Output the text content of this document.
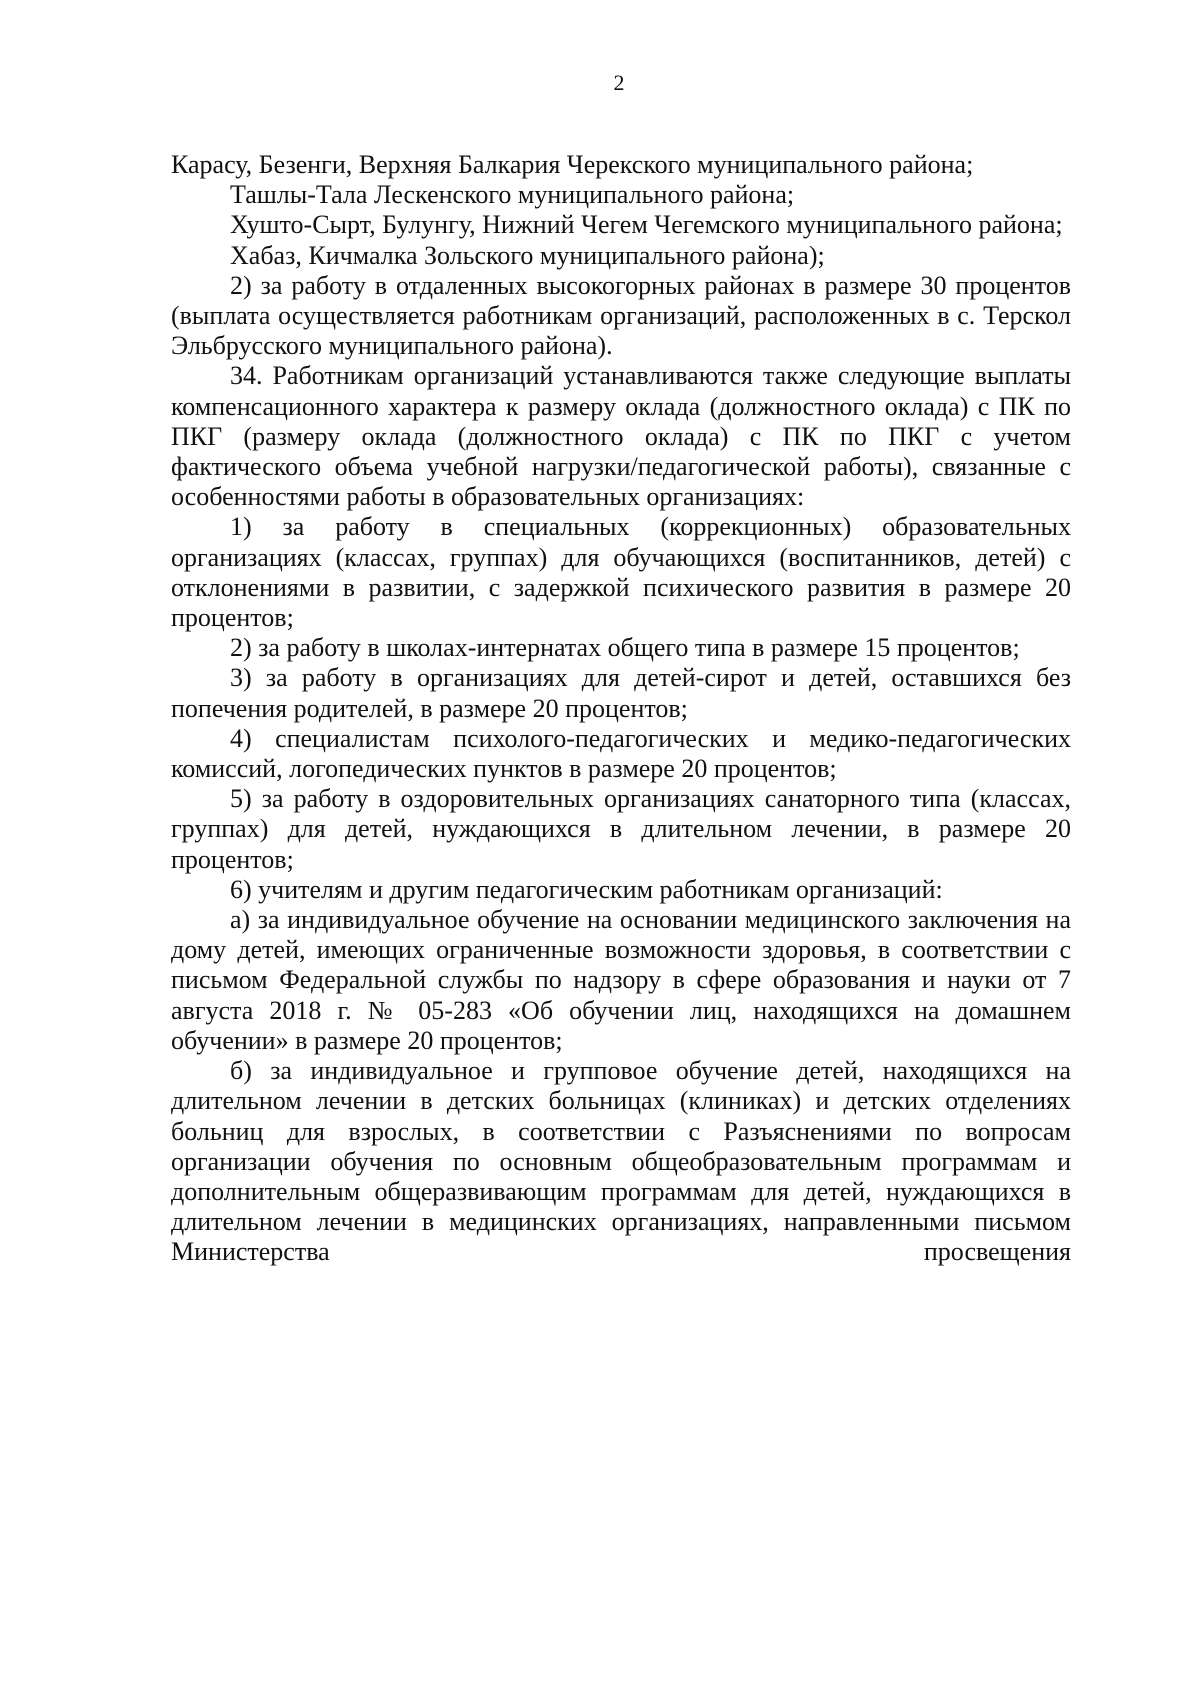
2

Карасу, Безенги, Верхняя Балкария Черекского муниципального района;

Ташлы-Тала Лескенского муниципального района;

Хушто-Сырт, Булунгу, Нижний Чегем Чегемского муниципального района;

Хабаз, Кичмалка Зольского муниципального района);

2) за работу в отдаленных высокогорных районах в размере 30 процентов (выплата осуществляется работникам организаций, расположенных в с. Терскол Эльбрусского муниципального района).

34. Работникам организаций устанавливаются также следующие выплаты компенсационного характера к размеру оклада (должностного оклада) с ПК по ПКГ (размеру оклада (должностного оклада) с ПК по ПКГ с учетом фактического объема учебной нагрузки/педагогической работы), связанные с особенностями работы в образовательных организациях:

1) за работу в специальных (коррекционных) образовательных организациях (классах, группах) для обучающихся (воспитанников, детей) с отклонениями в развитии, с задержкой психического развития в размере 20 процентов;

2) за работу в школах-интернатах общего типа в размере 15 процентов;

3) за работу в организациях для детей-сирот и детей, оставшихся без попечения родителей, в размере 20 процентов;

4) специалистам психолого-педагогических и медико-педагогических комиссий, логопедических пунктов в размере 20 процентов;

5) за работу в оздоровительных организациях санаторного типа (классах, группах) для детей, нуждающихся в длительном лечении, в размере 20 процентов;

6) учителям и другим педагогическим работникам организаций:

а) за индивидуальное обучение на основании медицинского заключения на дому детей, имеющих ограниченные возможности здоровья, в соответствии с письмом Федеральной службы по надзору в сфере образования и науки от 7 августа 2018 г. № 05-283 «Об обучении лиц, находящихся на домашнем обучении» в размере 20 процентов;

б) за индивидуальное и групповое обучение детей, находящихся на длительном лечении в детских больницах (клиниках) и детских отделениях больниц для взрослых, в соответствии с Разъяснениями по вопросам организации обучения по основным общеобразовательным программам и дополнительным общеразвивающим программам для детей, нуждающихся в длительном лечении в медицинских организациях, направленными письмом Министерства просвещения
